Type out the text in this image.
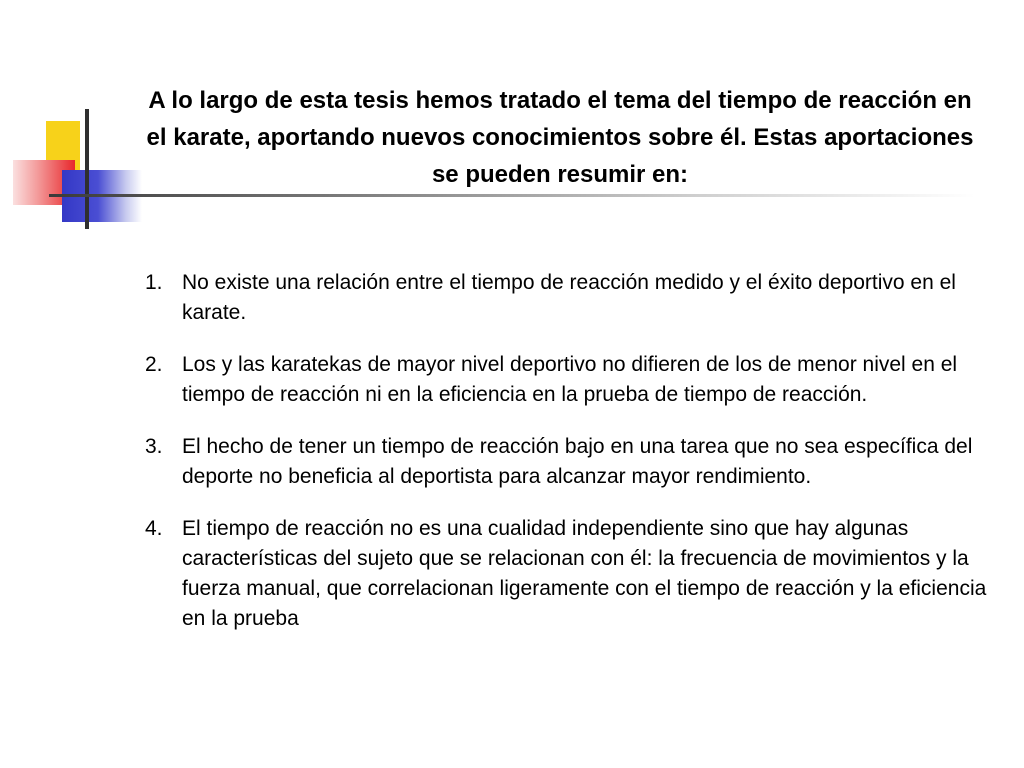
A lo largo de esta tesis hemos tratado el tema del tiempo de reacción en el karate, aportando nuevos conocimientos sobre él. Estas aportaciones se pueden resumir en:
1. No existe una relación entre el tiempo de reacción medido y el éxito deportivo en el karate.
2. Los y las karatekas de mayor nivel deportivo no difieren de los de menor nivel en el tiempo de reacción ni en la eficiencia en la prueba de tiempo de reacción.
3. El hecho de tener un tiempo de reacción bajo en una tarea que no sea específica del deporte no beneficia al deportista para alcanzar mayor rendimiento.
4. El tiempo de reacción no es una cualidad independiente sino que hay algunas características del sujeto que se relacionan con él: la frecuencia de movimientos y la fuerza manual, que correlacionan ligeramente con el tiempo de reacción y la eficiencia en la prueba
